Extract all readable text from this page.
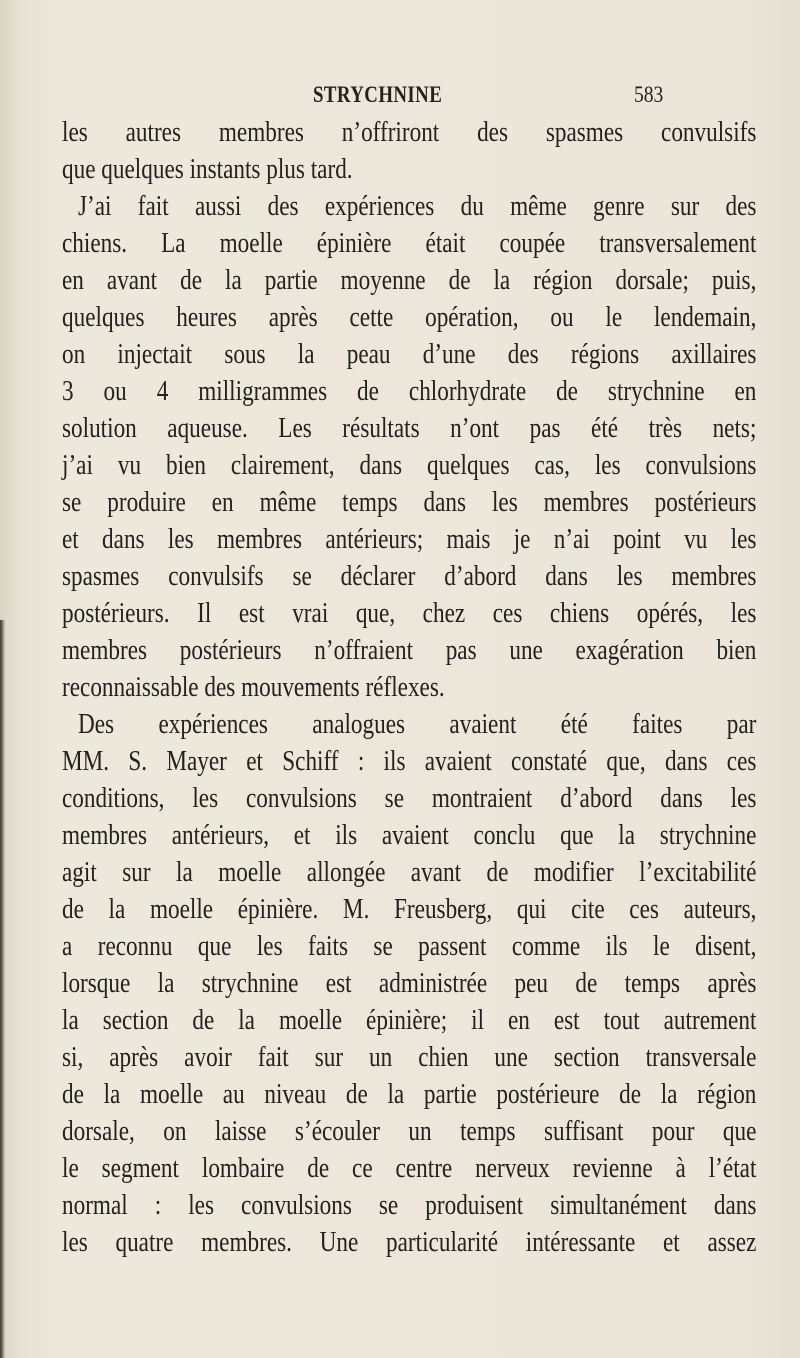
STRYCHNINE	583
les autres membres n’offriront des spasmes convulsifs
que quelques instants plus tard.
J’ai fait aussi des expériences du même genre sur des
chiens. La moelle épinière était coupée transversalement
en avant de la partie moyenne de la région dorsale; puis,
quelques heures après cette opération, ou le lendemain,
on injectait sous la peau d’une des régions axillaires
3 ou 4 milligrammes de chlorhydrate de strychnine en
solution aqueuse. Les résultats n’ont pas été très nets;
j’ai vu bien clairement, dans quelques cas, les convulsions
se produire en même temps dans les membres postérieurs
et dans les membres antérieurs; mais je n’ai point vu les
spasmes convulsifs se déclarer d’abord dans les membres
postérieurs. Il est vrai que, chez ces chiens opérés, les
membres postérieurs n’offraient pas une exagération bien
reconnaissable des mouvements réflexes.
Des expériences analogues avaient été faites par
MM. S. Mayer et Schiff : ils avaient constaté que, dans ces
conditions, les convulsions se montraient d’abord dans les
membres antérieurs, et ils avaient conclu que la strychnine
agit sur la moelle allongée avant de modifier l’excitabilité
de la moelle épinière. M. Freusberg, qui cite ces auteurs,
a reconnu que les faits se passent comme ils le disent,
lorsque la strychnine est administrée peu de temps après
la section de la moelle épinière; il en est tout autrement
si, après avoir fait sur un chien une section transversale
de la moelle au niveau de la partie postérieure de la région
dorsale, on laisse s’écouler un temps suffisant pour que
le segment lombaire de ce centre nerveux revienne à l’état
normal : les convulsions se produisent simultanément dans
les quatre membres. Une particularité intéressante et assez
